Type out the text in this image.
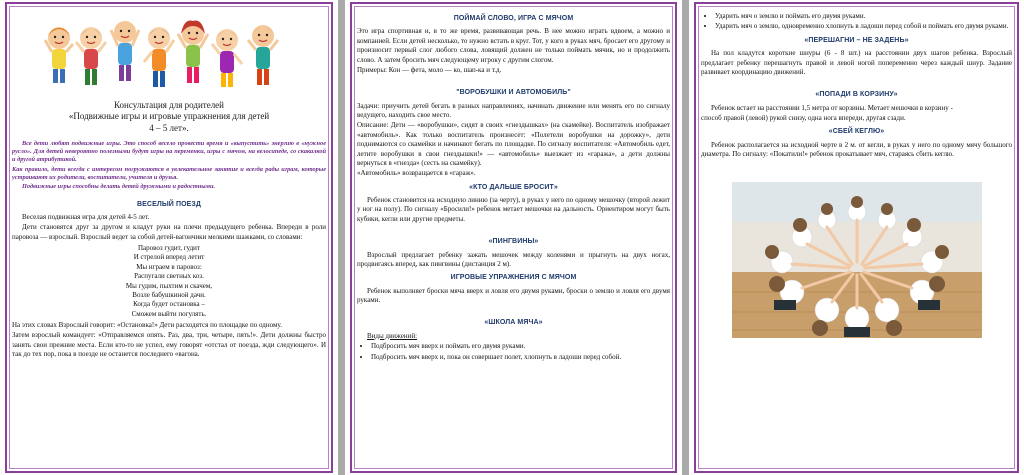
Консультация для родителей
«Подвижные игры и игровые упражнения для детей
4 – 5 лет».

Все дети любят подвижные игры. Это способ весело провести время и «выпустить» энергию в «нужное русло». Для детей невероятно полезными будут игры на переменки, игры с мячом, на велосипеде, со скакалкой и другой атрибутикой.

Как правило, дети всегда с интересом погружаются в увлекательное занятие и всегда рады играм, которые устраивают их родители, воспитатели, учителя и друзья.

Подвижные игры способны делать детей дружными и радостными.

ВЕСЕЛЫЙ ПОЕЗД

Веселая подвижная игра для детей 4-5 лет.

Дети становятся друг за другом и кладут руки на плечи предыдущего ребенка. Впереди в роли паровоза — взрослый. Взрослый ведет за собой детей-вагончики мелкими шажками, со словами:

Паровоз гудит, гудит
И стрелой вперед летит
Мы играем в паровоз:
Распугали светных коз.
Мы гудим, пыхтим и скачем,
Возле бабушкиной дачи.
Когда будет остановка –
Сможем выйти погулять.

На этих словах Взрослый говорит: «Остановка!» Дети расходятся по площадке по одному.

Затем взрослый командует: «Отправляемся опять. Раз, два, три, четыре, пять!». Дети должны быстро занять свои прежние места. Если кто-то не успел, ему говорят «отстал от поезда, жди следующего». И так до тех пор, пока в поезде не останется последнего «вагона.

ПОЙМАЙ СЛОВО, ИГРА С МЯЧОМ

Это игра спортивная и, в то же время, развивающая речь. В нее можно играть вдвоем, а можно и компанией. Если детей несколько, то нужно встать в круг. Тот, у кого в руках мяч, бросает его другому и произносит первый слог любого слова, ловящий должен не только поймать мячик, но и продолжить слово. А затем бросить мяч следующему игроку с другим слогом.

Примеры: Кон — фета, моло — ко, шап-ка и т.д.

"ВОРОБУШКИ И АВТОМОБИЛЬ"

Задачи: приучить детей бегать в разных направлениях, начинать движение или менять его по сигналу ведущего, находить свое место.

Описание: Дети — «воробушки», сидят в своих «гнездышках» (на скамейке). Воспитатель изображает «автомобиль». Как только воспитатель произнесет: «Полетели воробушки на дорожку», дети поднимаются со скамейки и начинают бегать по площадке. По сигналу воспитателя: «Автомобиль едет, летите воробушки в свои гнездышки!» — «автомобиль» выезжает из «гаража», а дети должны вернуться в «гнезда» (сесть на скамейку).

«Автомобиль» возвращается в «гараж».

«КТО ДАЛЬШЕ БРОСИТ»

Ребенок становится на исходную линию (за черту), в руках у него по одному мешочку (второй лежит у ног на полу). По сигналу «Бросили!» ребенок метает мешочки на дальность. Ориентиром могут быть кубики, кегли или другие предметы.

«ПИНГВИНЫ»

Взрослый предлагает ребенку зажать мешочек между коленями и прыгнуть на двух ногах, продвигаясь вперед, как пингвины (дистанция 2 м).

ИГРОВЫЕ УПРАЖНЕНИЯ С МЯЧОМ

Ребенок выполняет броски мяча вверх и ловля его двумя руками, броски о землю и ловля его двумя руками.

«ШКОЛА МЯЧА»

Виды движений:

• Подбросить мяч вверх и поймать его двумя руками.
• Подбросить мяч вверх и, пока он совершает полет, хлопнуть в ладоши перед собой.
• Ударить мяч о землю и поймать его двумя руками.
• Ударить мяч о землю, одновременно хлопнуть в ладоши перед собой и поймать его двумя руками.
«ПЕРЕШАГНИ – НЕ ЗАДЕНЬ»

На пол кладутся короткие шнуры (6 - 8 шт.) на расстоянии двух шагов ребенка. Взрослый предлагает ребенку перешагнуть правой и левой ногой попеременно через каждый шнур. Задание развивает координацию движений.

«ПОПАДИ В КОРЗИНУ»

Ребенок встает на расстоянии 1,5 метра от корзины. Метает мешочки в корзину -

способ правой (левой) рукой снизу, одна нога впереди, другая сзади.

«СБЕЙ КЕГЛЮ»

Ребенок располагается на исходной черте в 2 м. от кегли, в руках у него по одному мячу большого диаметра. По сигналу: «Покатили!» ребенок прокатывает мяч, стараясь сбить кеглю.
